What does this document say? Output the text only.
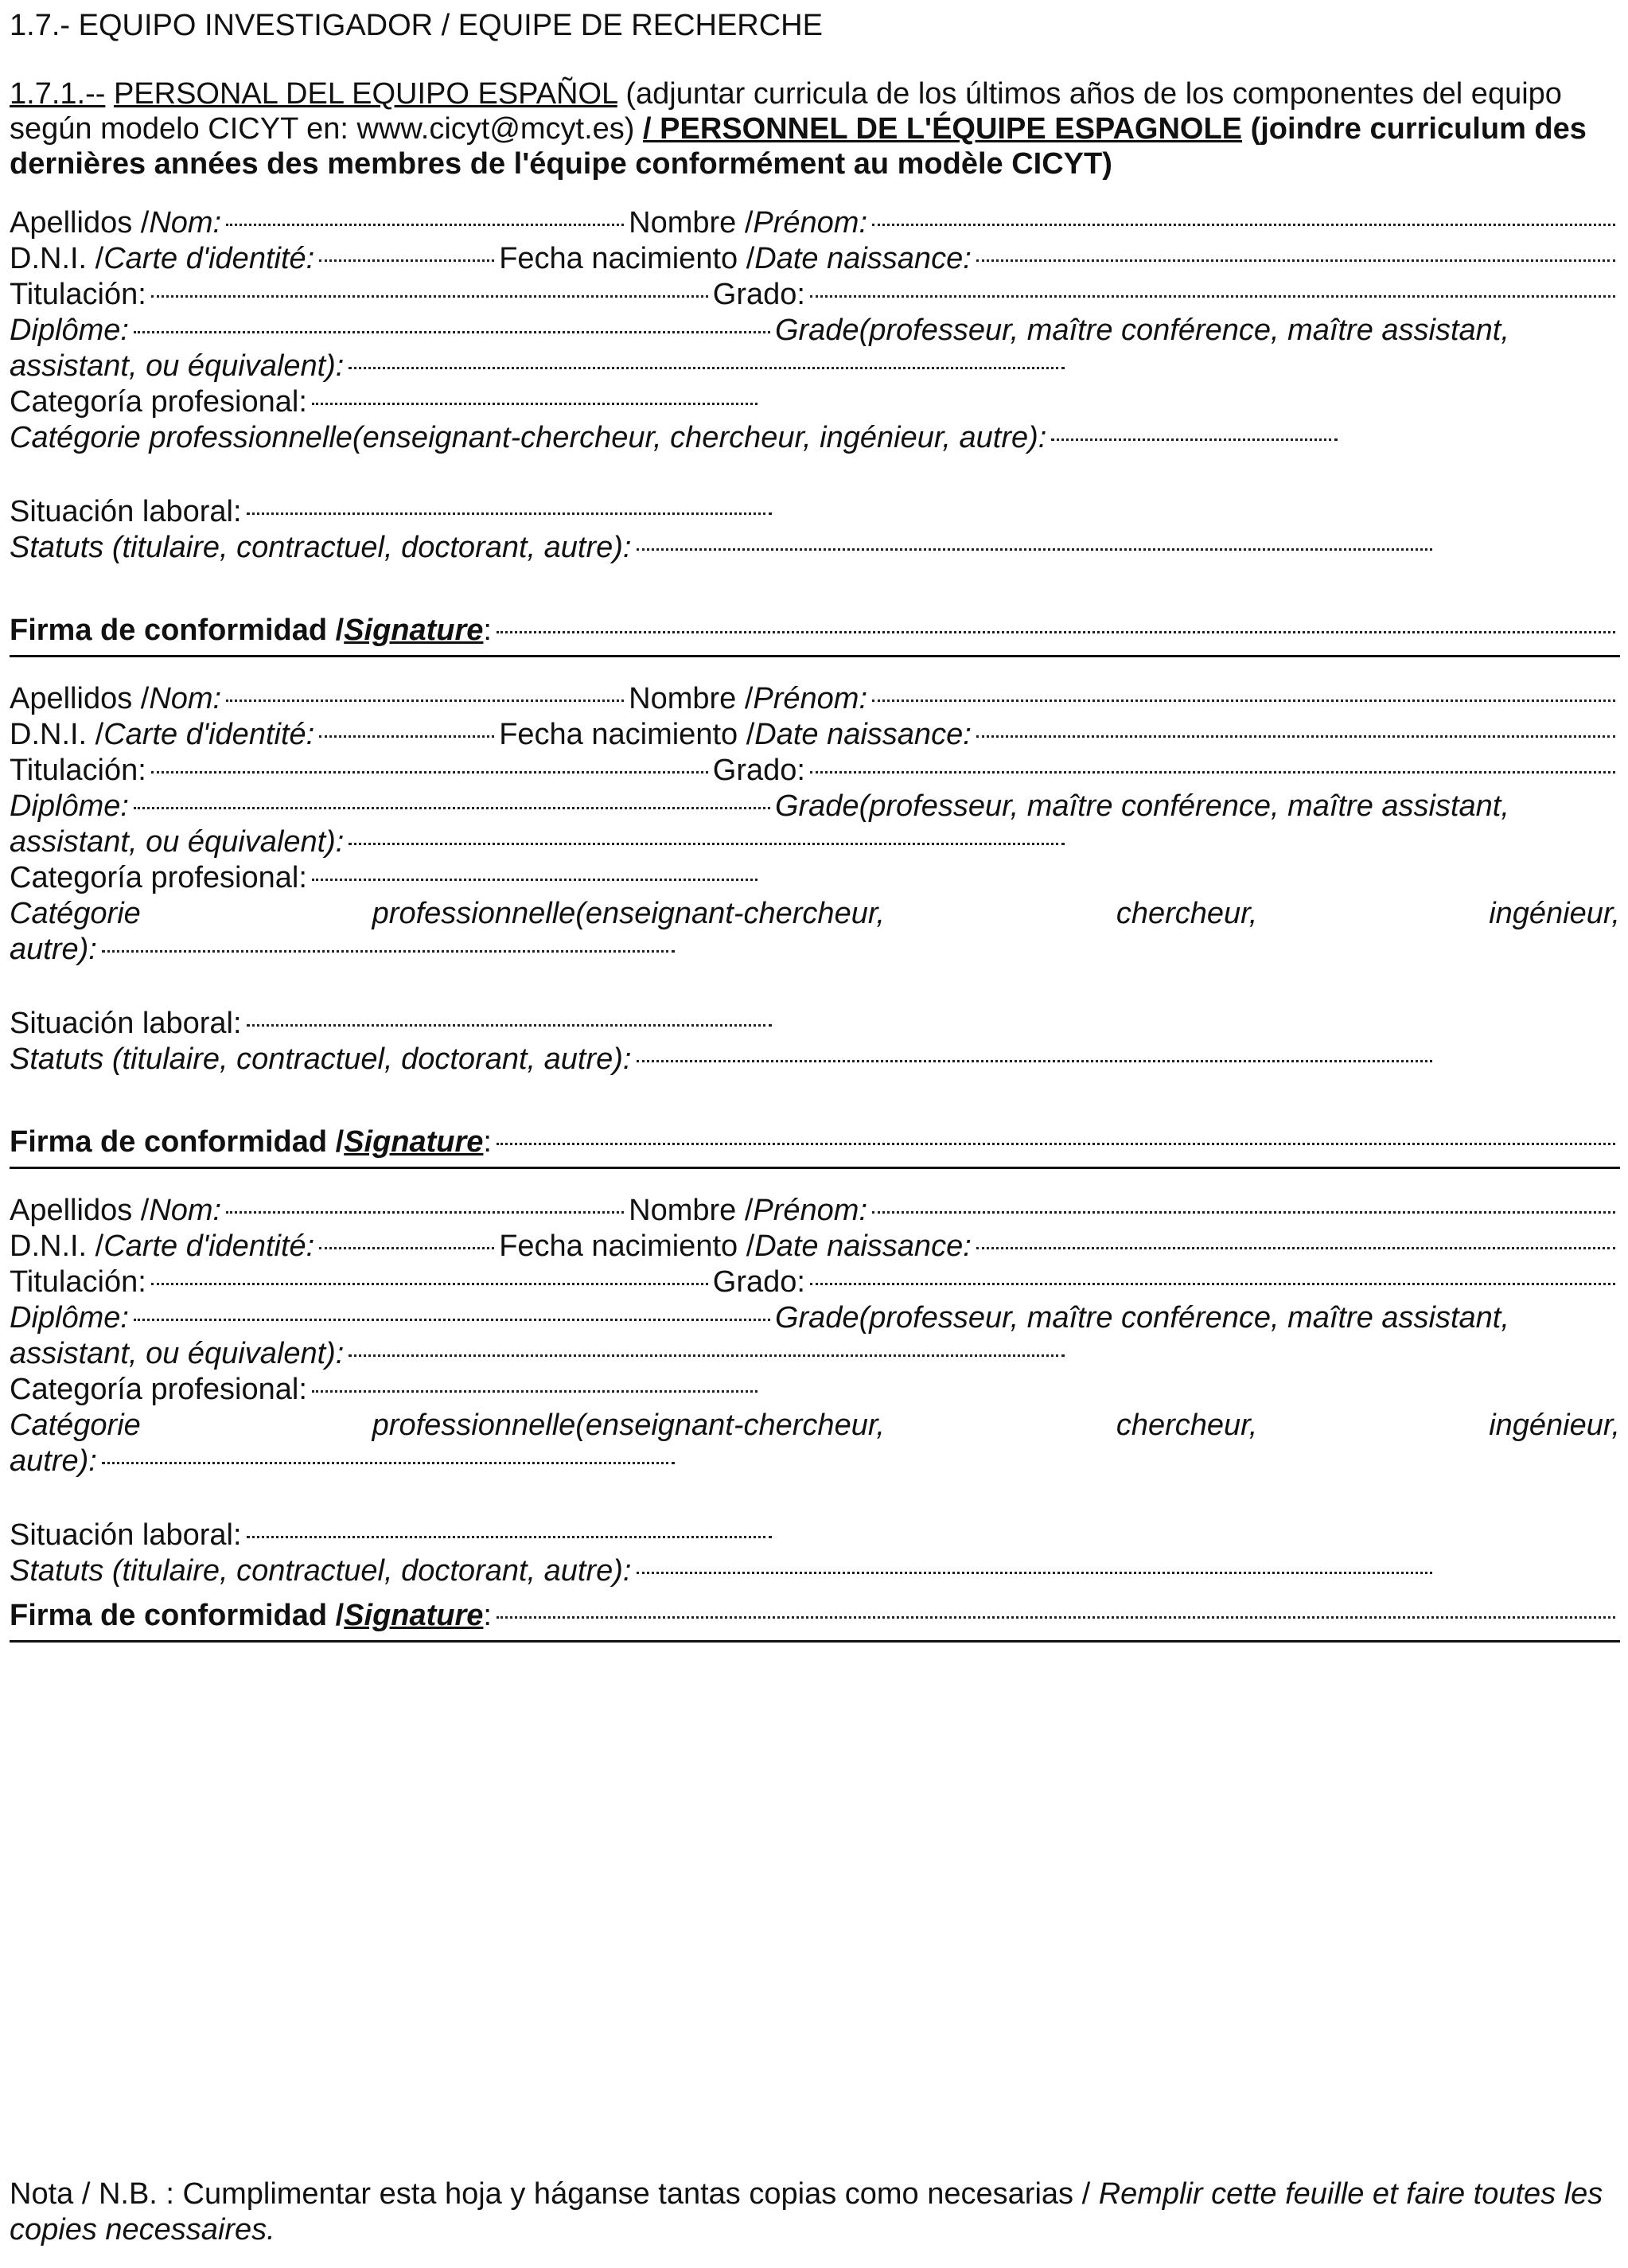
1.7.- EQUIPO INVESTIGADOR / EQUIPE DE RECHERCHE

1.7.1.-- PERSONAL DEL EQUIPO ESPAÑOL (adjuntar curricula de los últimos años de los componentes del equipo según modelo CICYT en: www.cicyt@mcyt.es) / PERSONNEL DE L'ÉQUIPE ESPAGNOLE (joindre curriculum des dernières années des membres de l'équipe conformément au modèle CICYT)

Apellidos / Nom:	Nombre / Prénom:
D.N.I. / Carte d'identité:	Fecha nacimiento / Date naissance:
Titulación:	Grado:
Diplôme:	Grade(professeur, maître conférence, maître assistant,
assistant, ou équivalent):
Categoría profesional:
Catégorie professionnelle(enseignant-chercheur, chercheur, ingénieur, autre):
Situación laboral:
Statuts (titulaire, contractuel, doctorant, autre):
Firma de conformidad / Signature :
Apellidos / Nom:	Nombre / Prénom:
D.N.I. / Carte d'identité:	Fecha nacimiento / Date naissance:
Titulación:	Grado:
Diplôme:	Grade(professeur, maître conférence, maître assistant,
assistant, ou équivalent):
Categoría profesional:
Catégorie	professionnelle(enseignant-chercheur,	chercheur,	ingénieur,
autre):
Situación laboral:
Statuts (titulaire, contractuel, doctorant, autre):
Firma de conformidad / Signature :
Apellidos / Nom:	Nombre / Prénom:
D.N.I. / Carte d'identité:	Fecha nacimiento / Date naissance:
Titulación:	Grado:
Diplôme:	Grade(professeur, maître conférence, maître assistant,
assistant, ou équivalent):
Categoría profesional:
Catégorie	professionnelle(enseignant-chercheur,	chercheur,	ingénieur,
autre):
Situación laboral:
Statuts (titulaire, contractuel, doctorant, autre):
Firma de conformidad / Signature :

Nota / N.B. : Cumplimentar esta hoja y háganse tantas copias como necesarias / Remplir cette feuille et faire toutes les copies necessaires.
